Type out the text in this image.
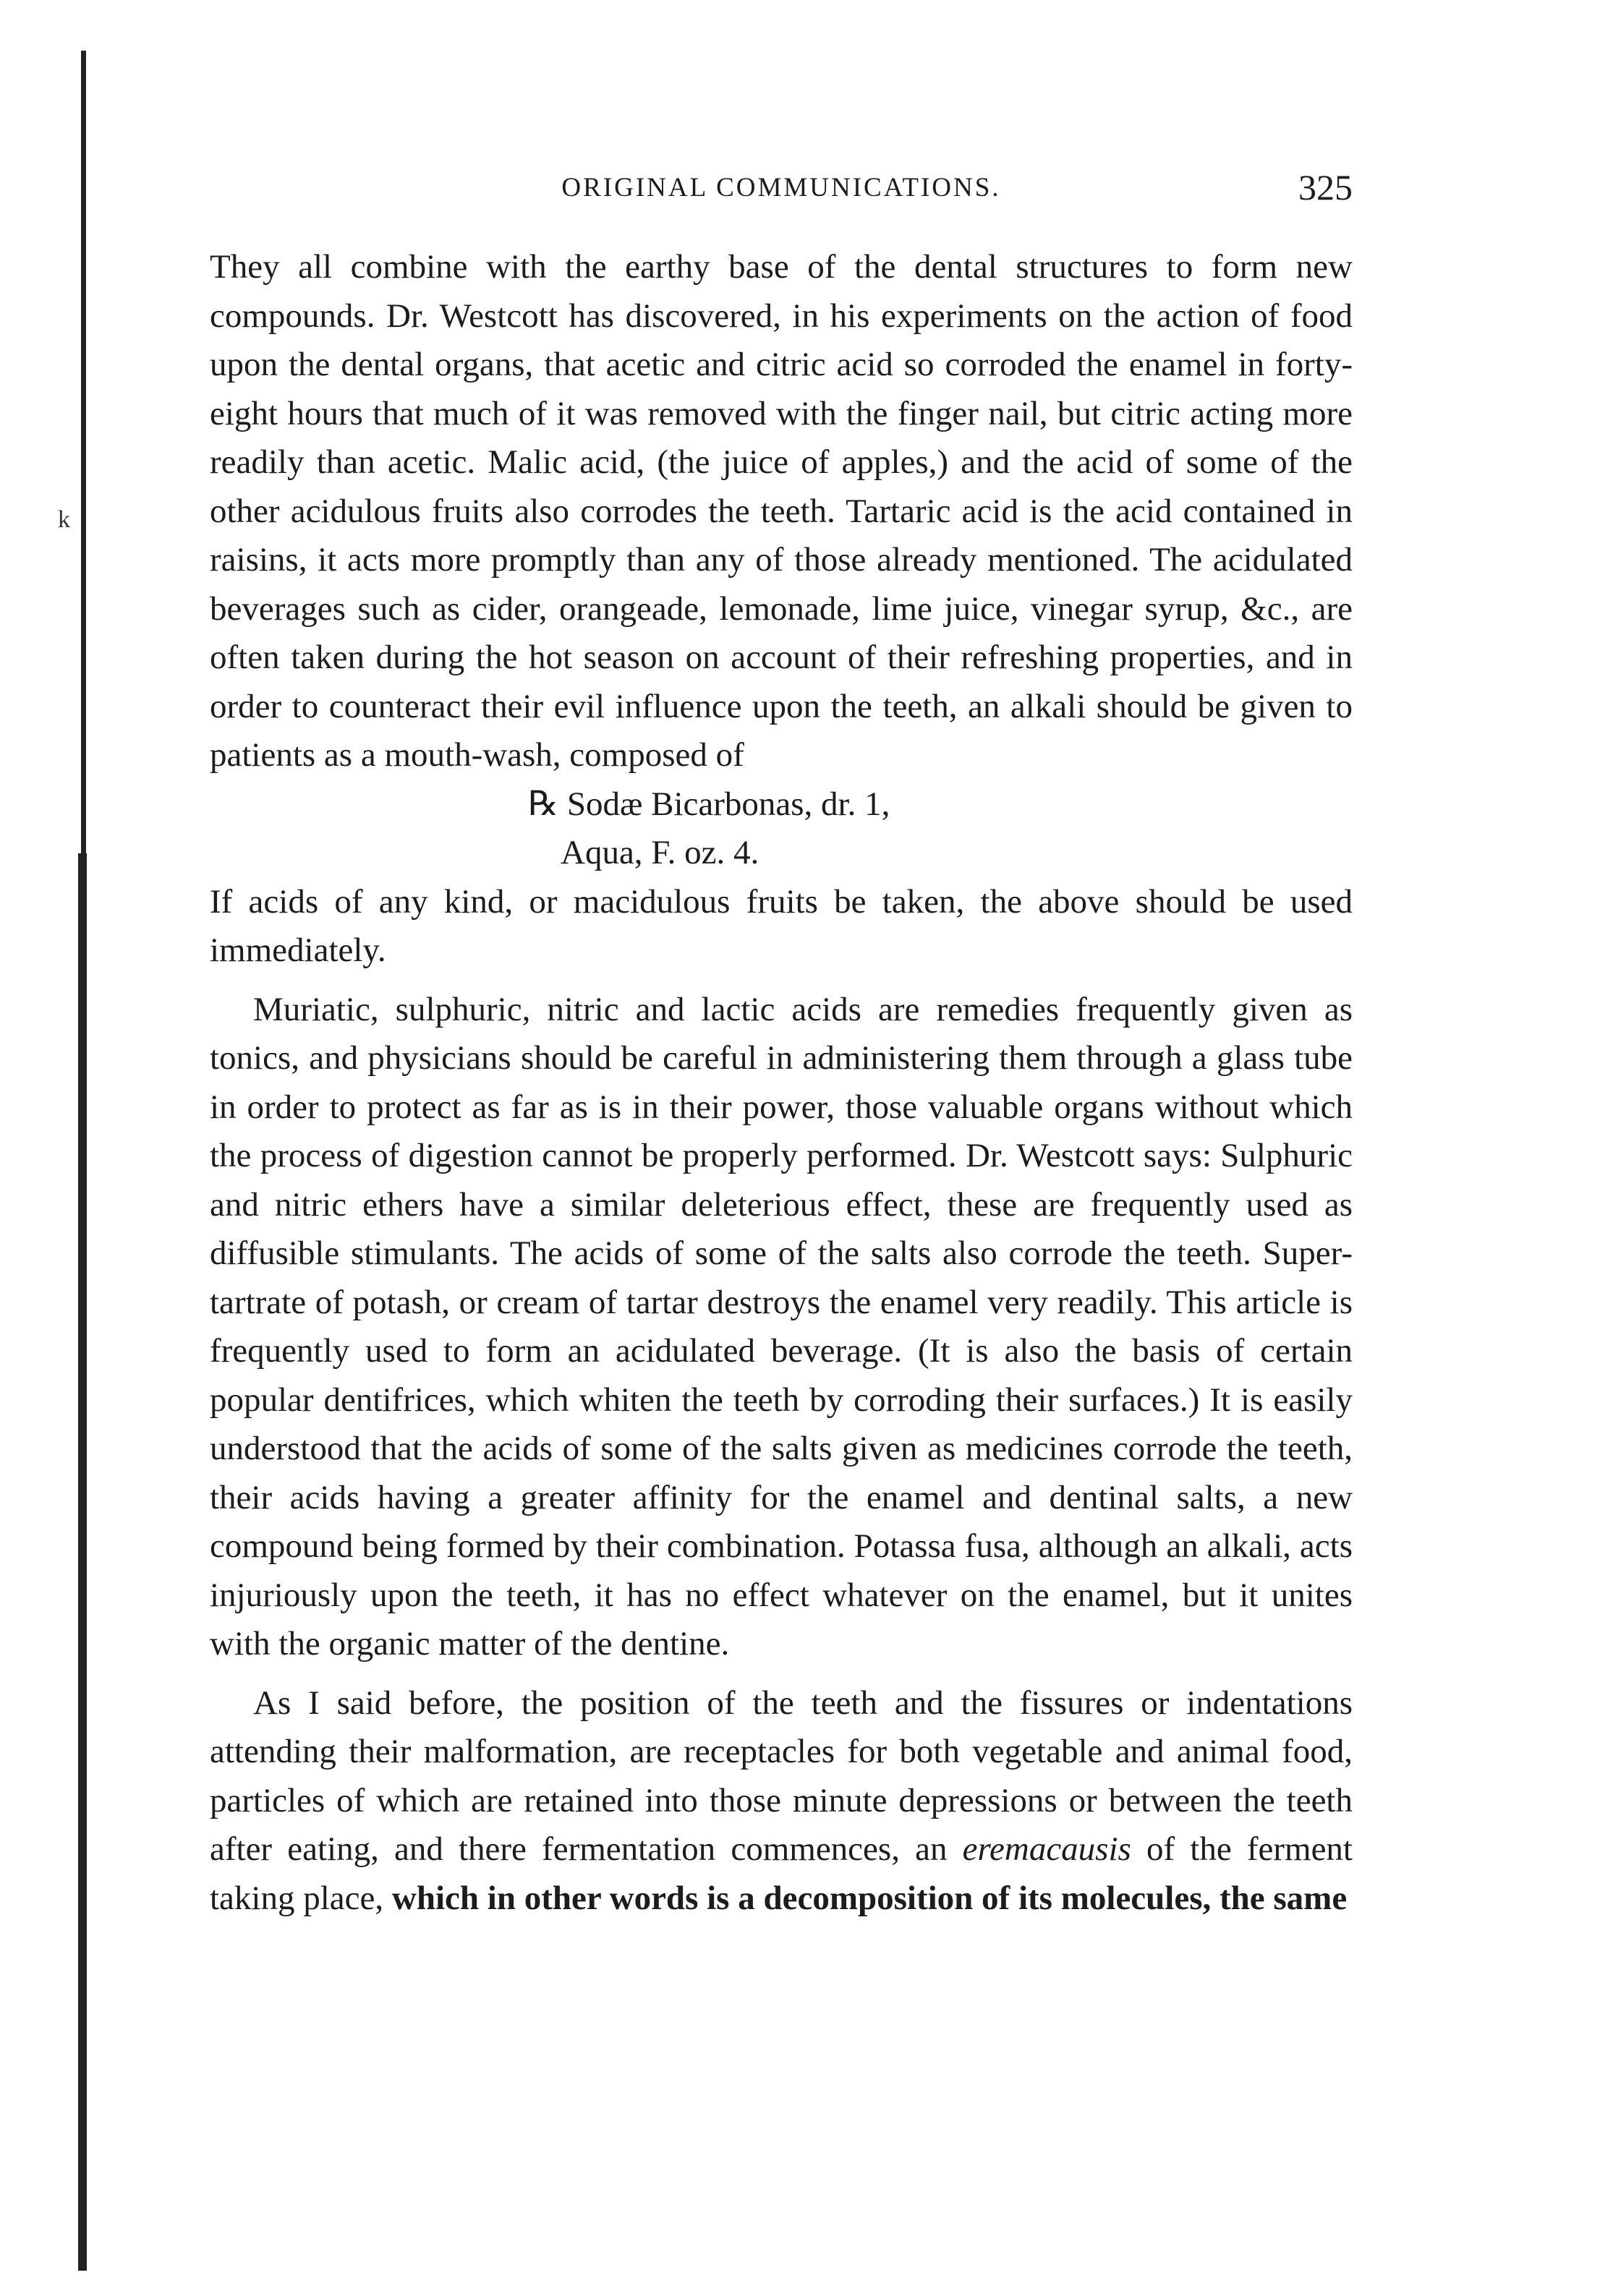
k
ORIGINAL COMMUNICATIONS.	325

They all combine with the earthy base of the dental structures to form new compounds. Dr. Westcott has discovered, in his experiments on the action of food upon the dental organs, that acetic and citric acid so corroded the enamel in forty-eight hours that much of it was removed with the finger nail, but citric acting more readily than acetic. Malic acid, (the juice of apples,) and the acid of some of the other acidulous fruits also corrodes the teeth. Tartaric acid is the acid contained in raisins, it acts more promptly than any of those already mentioned. The acidulated beverages such as cider, orangeade, lemonade, lime juice, vinegar syrup, &c., are often taken during the hot season on account of their refreshing properties, and in order to counteract their evil influence upon the teeth, an alkali should be given to patients as a mouth-wash, composed of

℞ Sodæ Bicarbonas, dr. 1,
Aqua, F. oz. 4.

If acids of any kind, or macidulous fruits be taken, the above should be used immediately.

Muriatic, sulphuric, nitric and lactic acids are remedies frequently given as tonics, and physicians should be careful in administering them through a glass tube in order to protect as far as is in their power, those valuable organs without which the process of digestion cannot be properly performed. Dr. Westcott says: Sulphuric and nitric ethers have a similar deleterious effect, these are frequently used as diffusible stimulants. The acids of some of the salts also corrode the teeth. Super-tartrate of potash, or cream of tartar destroys the enamel very readily. This article is frequently used to form an acidulated beverage. (It is also the basis of certain popular dentifrices, which whiten the teeth by corroding their surfaces.) It is easily understood that the acids of some of the salts given as medicines corrode the teeth, their acids having a greater affinity for the enamel and dentinal salts, a new compound being formed by their combination. Potassa fusa, although an alkali, acts injuriously upon the teeth, it has no effect whatever on the enamel, but it unites with the organic matter of the dentine.

As I said before, the position of the teeth and the fissures or indentations attending their malformation, are receptacles for both vegetable and animal food, particles of which are retained into those minute depressions or between the teeth after eating, and there fermentation commences, an eremacausis of the ferment taking place, which in other words is a decomposition of its molecules, the same
